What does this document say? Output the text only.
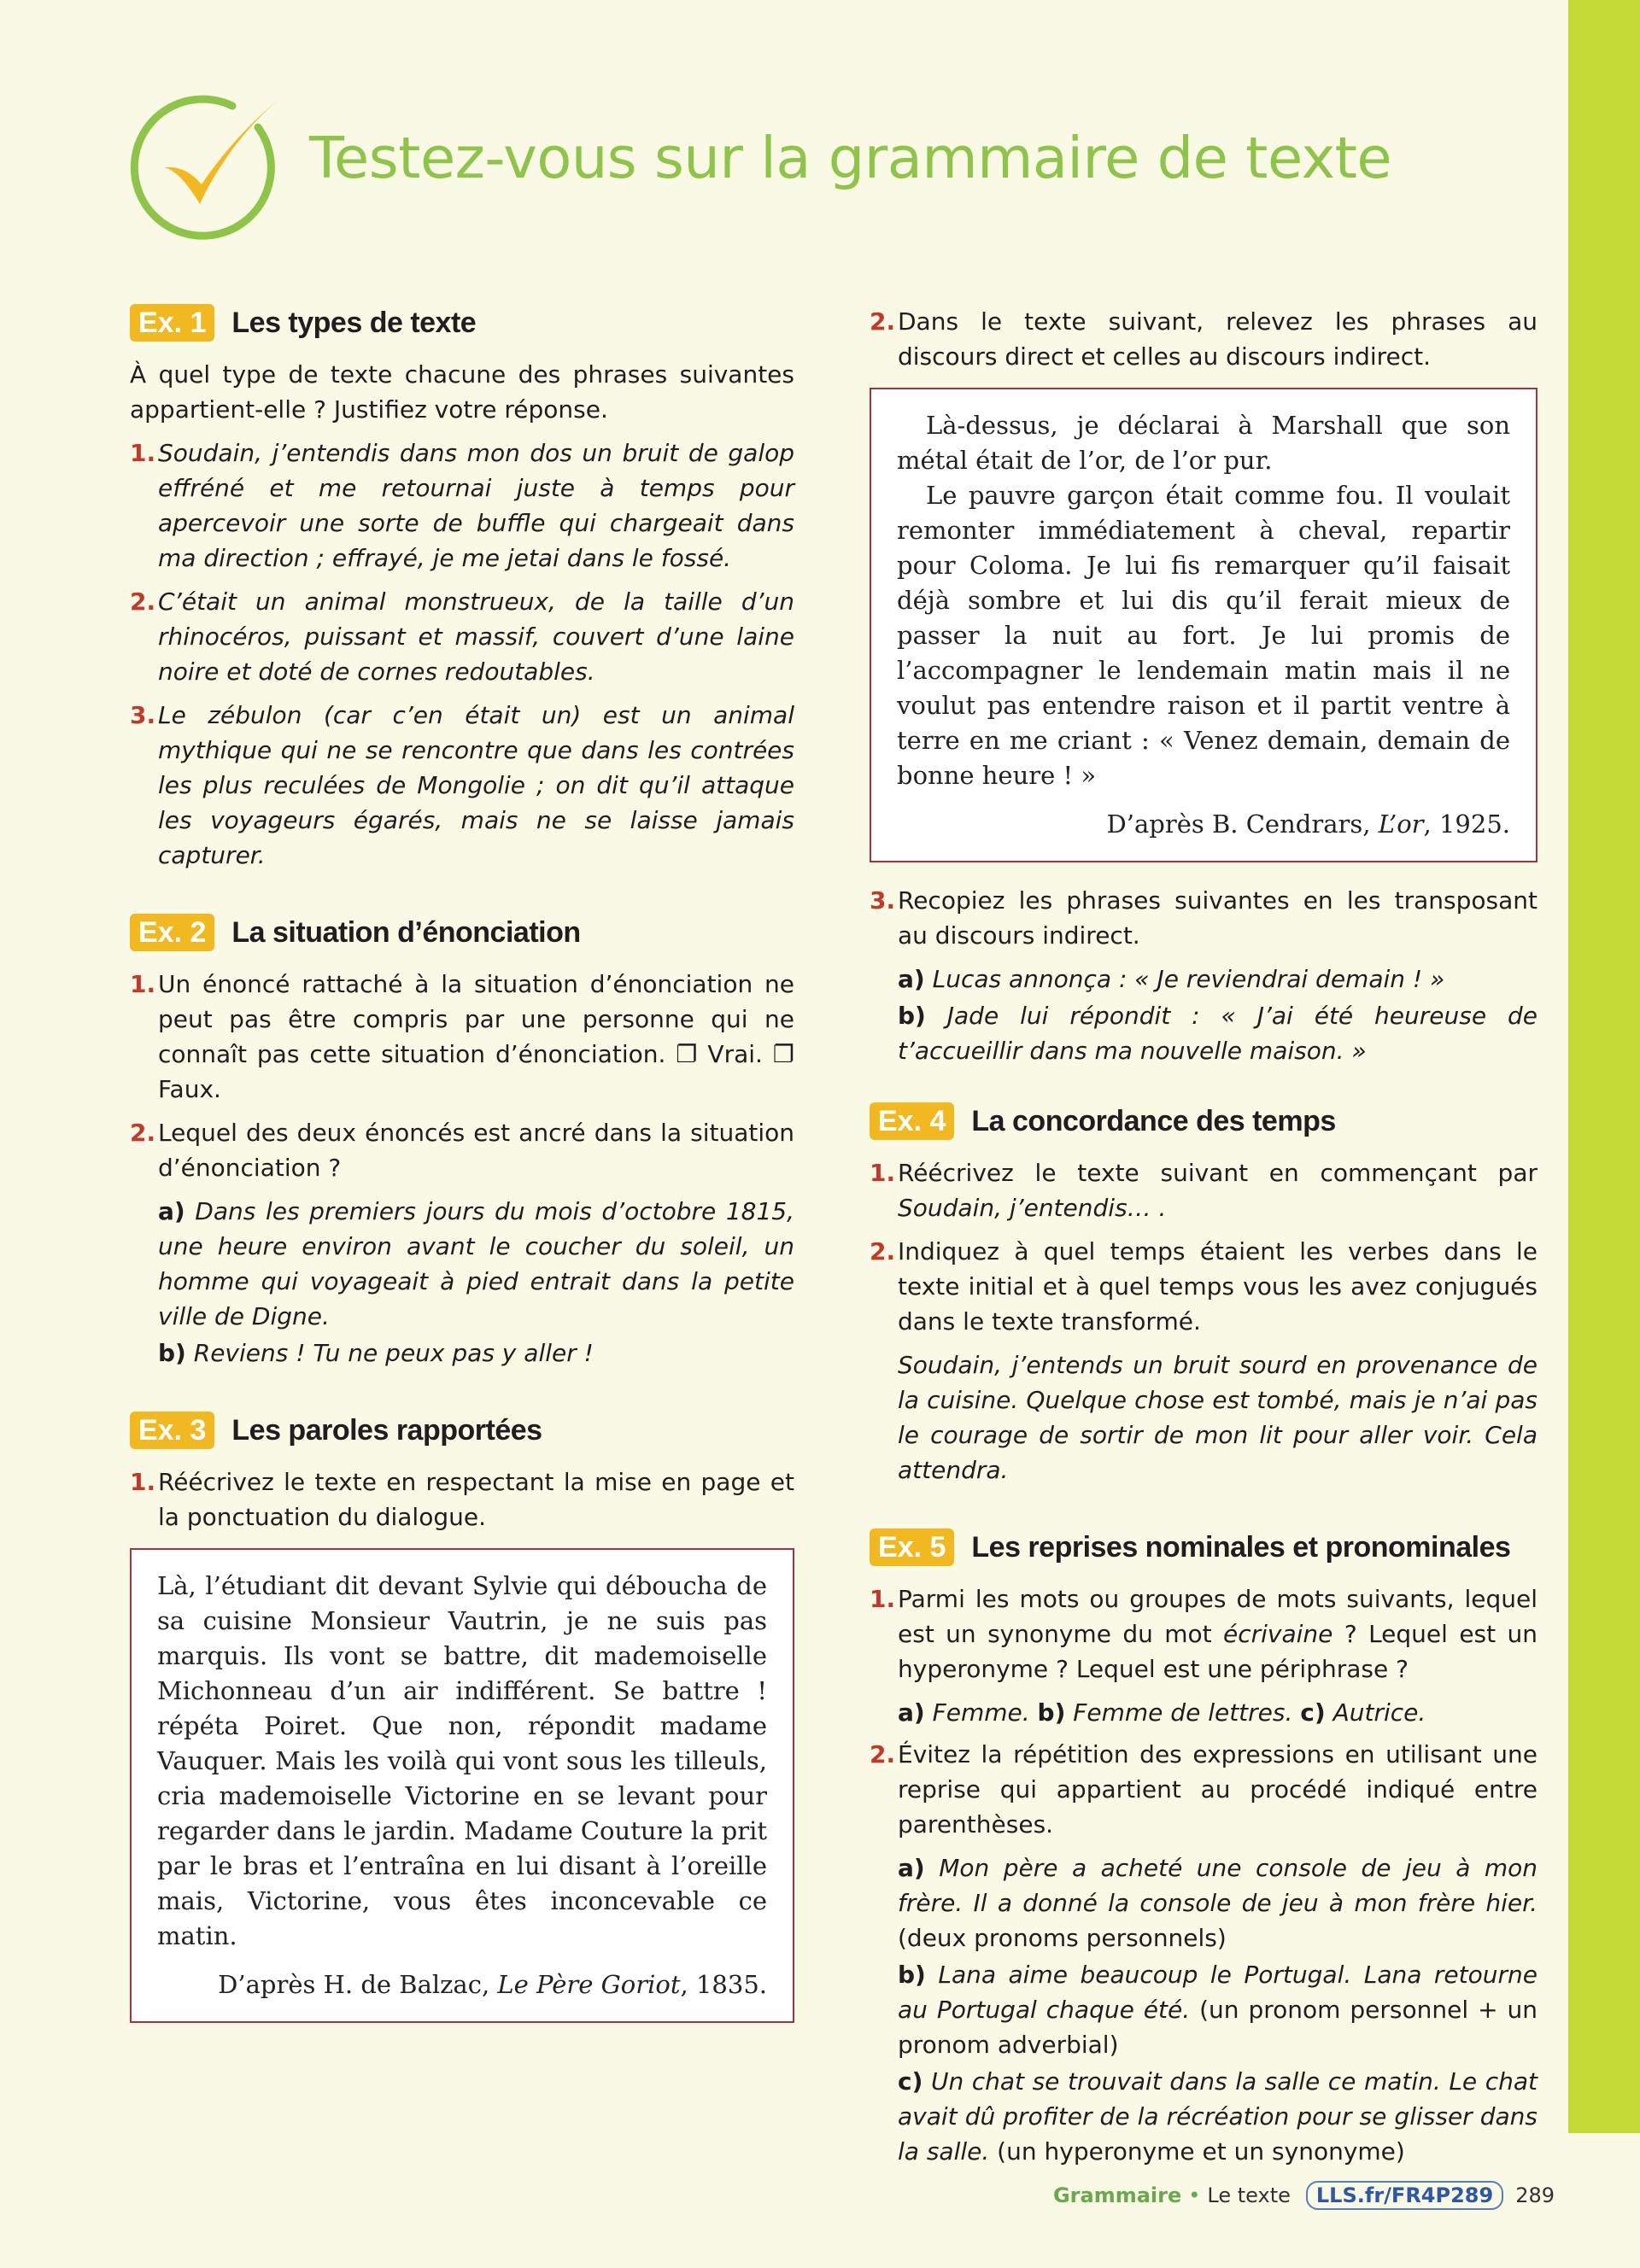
Testez-vous sur la grammaire de texte
Ex. 1 Les types de texte
À quel type de texte chacune des phrases suivantes appartient-elle ? Justifiez votre réponse.
1. Soudain, j’entendis dans mon dos un bruit de galop effréné et me retournai juste à temps pour apercevoir une sorte de buffle qui chargeait dans ma direction ; effrayé, je me jetai dans le fossé.
2. C’était un animal monstrueux, de la taille d’un rhinocéros, puissant et massif, couvert d’une laine noire et doté de cornes redoutables.
3. Le zébulon (car c’en était un) est un animal mythique qui ne se rencontre que dans les contrées les plus reculées de Mongolie ; on dit qu’il attaque les voyageurs égarés, mais ne se laisse jamais capturer.
Ex. 2 La situation d’énonciation
1. Un énoncé rattaché à la situation d’énonciation ne peut pas être compris par une personne qui ne connaît pas cette situation d’énonciation. ❐ Vrai. ❐ Faux.
2. Lequel des deux énoncés est ancré dans la situation d’énonciation ?
a) Dans les premiers jours du mois d’octobre 1815, une heure environ avant le coucher du soleil, un homme qui voyageait à pied entrait dans la petite ville de Digne.
b) Reviens ! Tu ne peux pas y aller !
Ex. 3 Les paroles rapportées
1. Réécrivez le texte en respectant la mise en page et la ponctuation du dialogue.

Là, l’étudiant dit devant Sylvie qui déboucha de sa cuisine Monsieur Vautrin, je ne suis pas marquis. Ils vont se battre, dit mademoiselle Michonneau d’un air indifférent. Se battre ! répéta Poiret. Que non, répondit madame Vauquer. Mais les voilà qui vont sous les tilleuls, cria mademoiselle Victorine en se levant pour regarder dans le jardin. Madame Couture la prit par le bras et l’entraîna en lui disant à l’oreille mais, Victorine, vous êtes inconcevable ce matin.

D’après H. de Balzac, Le Père Goriot, 1835.
2. Dans le texte suivant, relevez les phrases au discours direct et celles au discours indirect.

Là-dessus, je déclarai à Marshall que son métal était de l’or, de l’or pur.

Le pauvre garçon était comme fou. Il voulait remonter immédiatement à cheval, repartir pour Coloma. Je lui fis remarquer qu’il faisait déjà sombre et lui dis qu’il ferait mieux de passer la nuit au fort. Je lui promis de l’accompagner le lendemain matin mais il ne voulut pas entendre raison et il partit ventre à terre en me criant : « Venez demain, demain de bonne heure ! »

D’après B. Cendrars, L’or, 1925.
3. Recopiez les phrases suivantes en les transposant au discours indirect.
a) Lucas annonça : « Je reviendrai demain ! »
b) Jade lui répondit : « J’ai été heureuse de t’accueillir dans ma nouvelle maison. »
Ex. 4 La concordance des temps
1. Réécrivez le texte suivant en commençant par Soudain, j’entendis… .
2. Indiquez à quel temps étaient les verbes dans le texte initial et à quel temps vous les avez conjugués dans le texte transformé.
Soudain, j’entends un bruit sourd en provenance de la cuisine. Quelque chose est tombé, mais je n’ai pas le courage de sortir de mon lit pour aller voir. Cela attendra.
Ex. 5 Les reprises nominales et pronominales
1. Parmi les mots ou groupes de mots suivants, lequel est un synonyme du mot écrivaine ? Lequel est un hyperonyme ? Lequel est une périphrase ?
a) Femme. b) Femme de lettres. c) Autrice.
2. Évitez la répétition des expressions en utilisant une reprise qui appartient au procédé indiqué entre parenthèses.
a) Mon père a acheté une console de jeu à mon frère. Il a donné la console de jeu à mon frère hier. (deux pronoms personnels)
b) Lana aime beaucoup le Portugal. Lana retourne au Portugal chaque été. (un pronom personnel + un pronom adverbial)
c) Un chat se trouvait dans la salle ce matin. Le chat avait dû profiter de la récréation pour se glisser dans la salle. (un hyperonyme et un synonyme)
Grammaire • Le texte	LLS.fr/FR4P289	289
